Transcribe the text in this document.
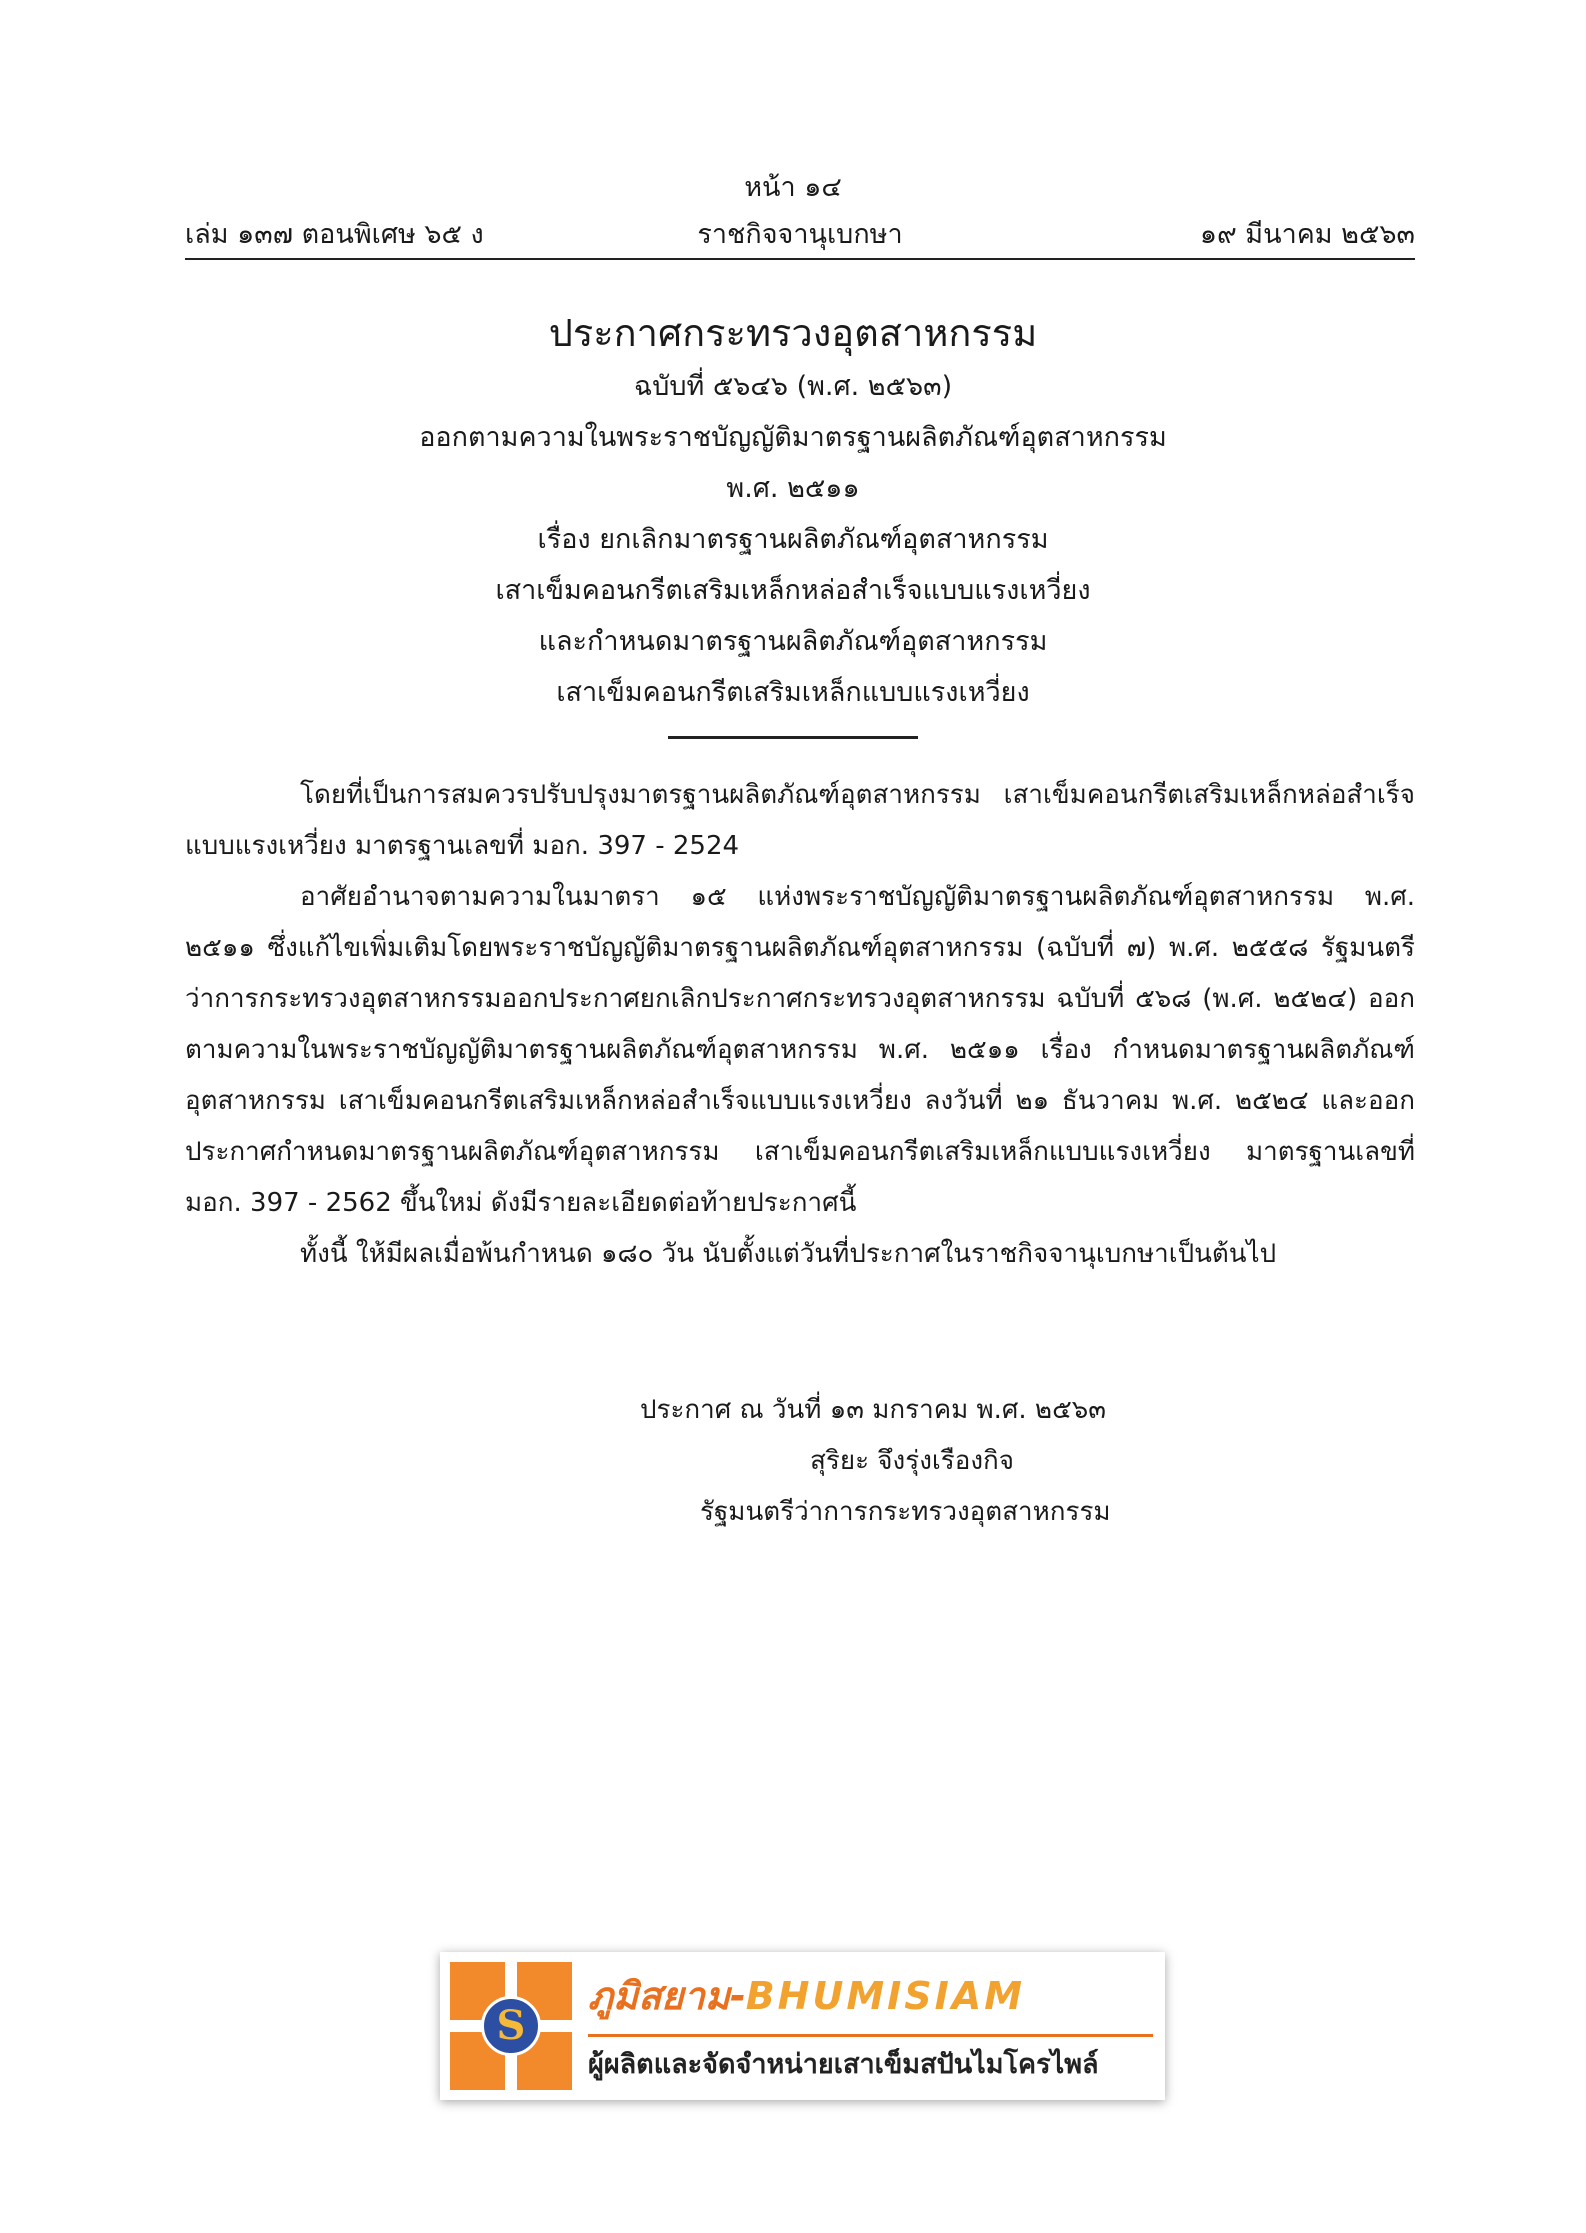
หน้า ๑๔
เล่ม ๑๓๗ ตอนพิเศษ ๖๕ ง	ราชกิจจานุเบกษา	๑๙ มีนาคม ๒๕๖๓

ประกาศกระทรวงอุตสาหกรรม

ฉบับที่ ๕๖๔๖ (พ.ศ. ๒๕๖๓)

ออกตามความในพระราชบัญญัติมาตรฐานผลิตภัณฑ์อุตสาหกรรม

พ.ศ. ๒๕๑๑

เรื่อง ยกเลิกมาตรฐานผลิตภัณฑ์อุตสาหกรรม

เสาเข็มคอนกรีตเสริมเหล็กหล่อสำเร็จแบบแรงเหวี่ยง

และกำหนดมาตรฐานผลิตภัณฑ์อุตสาหกรรม

เสาเข็มคอนกรีตเสริมเหล็กแบบแรงเหวี่ยง

โดยที่เป็นการสมควรปรับปรุงมาตรฐานผลิตภัณฑ์อุตสาหกรรม เสาเข็มคอนกรีตเสริมเหล็กหล่อสำเร็จแบบแรงเหวี่ยง มาตรฐานเลขที่ มอก. 397 - 2524

อาศัยอำนาจตามความในมาตรา ๑๕ แห่งพระราชบัญญัติมาตรฐานผลิตภัณฑ์อุตสาหกรรม พ.ศ. ๒๕๑๑ ซึ่งแก้ไขเพิ่มเติมโดยพระราชบัญญัติมาตรฐานผลิตภัณฑ์อุตสาหกรรม (ฉบับที่ ๗) พ.ศ. ๒๕๕๘ รัฐมนตรีว่าการกระทรวงอุตสาหกรรมออกประกาศยกเลิกประกาศกระทรวงอุตสาหกรรม ฉบับที่ ๕๖๘ (พ.ศ. ๒๕๒๔) ออกตามความในพระราชบัญญัติมาตรฐานผลิตภัณฑ์อุตสาหกรรม พ.ศ. ๒๕๑๑ เรื่อง กำหนดมาตรฐานผลิตภัณฑ์อุตสาหกรรม เสาเข็มคอนกรีตเสริมเหล็กหล่อสำเร็จแบบแรงเหวี่ยง ลงวันที่ ๒๑ ธันวาคม พ.ศ. ๒๕๒๔ และออกประกาศกำหนดมาตรฐานผลิตภัณฑ์อุตสาหกรรม เสาเข็มคอนกรีตเสริมเหล็กแบบแรงเหวี่ยง มาตรฐานเลขที่ มอก. 397 - 2562 ขึ้นใหม่ ดังมีรายละเอียดต่อท้ายประกาศนี้

ทั้งนี้ ให้มีผลเมื่อพ้นกำหนด ๑๘๐ วัน นับตั้งแต่วันที่ประกาศในราชกิจจานุเบกษาเป็นต้นไป

ประกาศ ณ วันที่ ๑๓ มกราคม พ.ศ. ๒๕๖๓

สุริยะ จึงรุ่งเรืองกิจ

รัฐมนตรีว่าการกระทรวงอุตสาหกรรม

S
ภูมิสยาม-BHUMISIAM
ผู้ผลิตและจัดจำหน่ายเสาเข็มสปันไมโครไพล์
